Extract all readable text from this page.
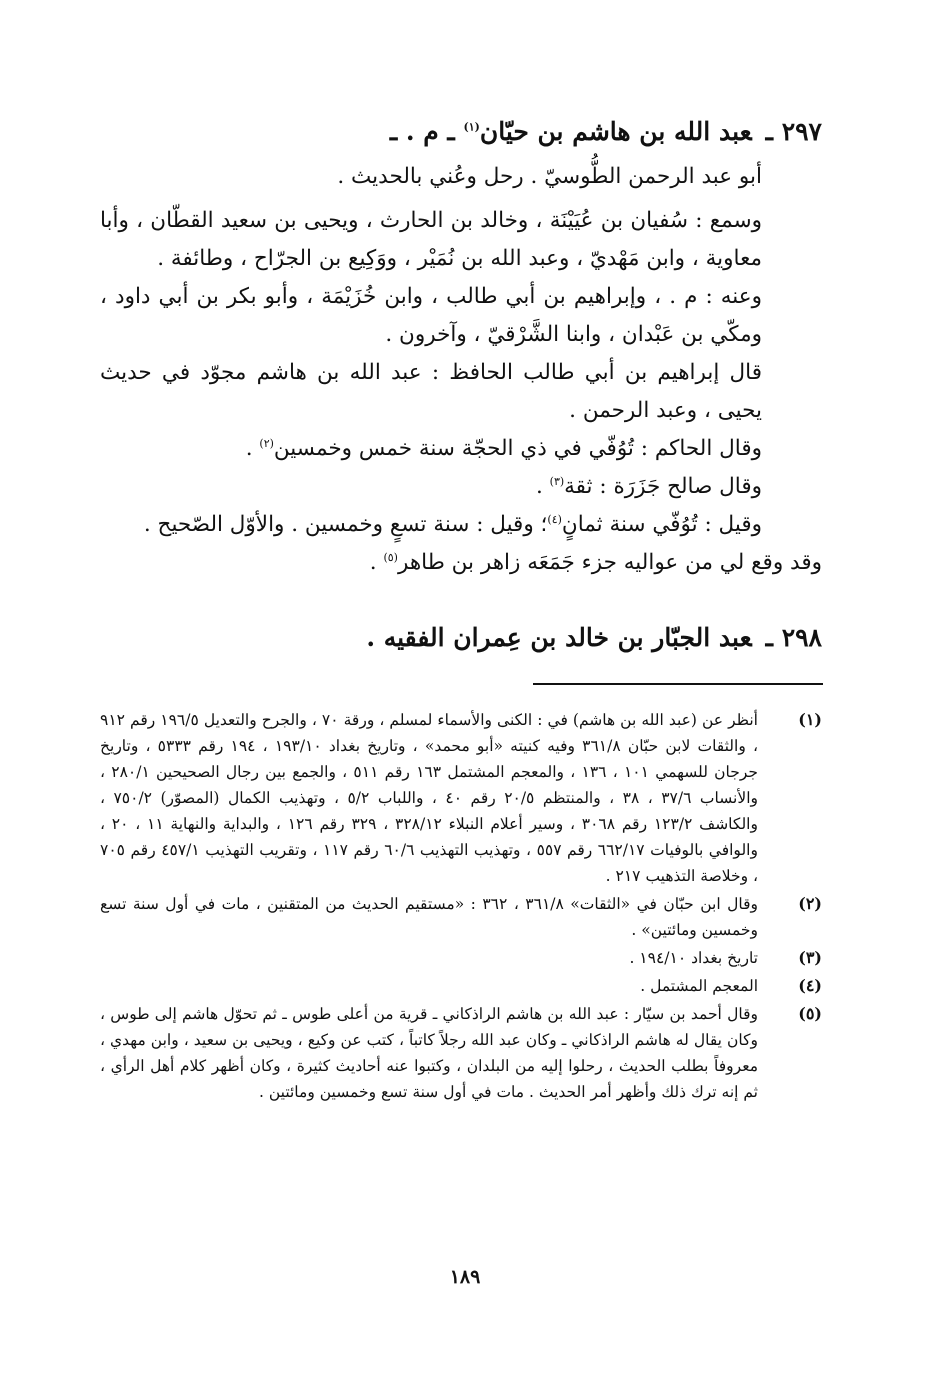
٢٩٧ ـعبد الله بن هاشم بن حيّان$^{(١)}$ ـ م . ـ

أبو عبد الرحمن الطُّوسيّ . رحل وعُني بالحديث .

وسمع : سُفيان بن عُيَيْنَة ، وخالد بن الحارث ، ويحيى بن سعيد القطّان ، وأبا معاوية ، وابن مَهْديّ ، وعبد الله بن نُمَيْر ، ووَكِيع بن الجرّاح ، وطائفة .

وعنه : م . ، وإبراهيم بن أبي طالب ، وابن خُزَيْمَة ، وأبو بكر بن أبي داود ، ومكّي بن عَبْدان ، وابنا الشَّرْقيّ ، وآخرون .

قال إبراهيم بن أبي طالب الحافظ : عبد الله بن هاشم مجوّد في حديث يحيى ، وعبد الرحمن .

وقال الحاكم : تُوُفّي في ذي الحجّة سنة خمس وخمسين$^{(٢)}$ .

وقال صالح جَزَرَة : ثقة$^{(٣)}$ .

وقيل : تُوُفّي سنة ثمانٍ$^{(٤)}$؛ وقيل : سنة تسعٍ وخمسين . والأوّل الصّحيح .

وقد وقع لي من عواليه جزء جَمَعَه زاهر بن طاهر$^{(٥)}$ .

٢٩٨ ـعبد الجبّار بن خالد بن عِمران الفقيه .
(١)
أنظر عن (عبد الله بن هاشم) في : الكنى والأسماء لمسلم ، ورقة ٧٠ ، والجرح والتعديل ١٩٦/٥ رقم ٩١٢ ، والثقات لابن حبّان ٣٦١/٨ وفيه كنيته «أبو محمد» ، وتاريخ بغداد ١٩٣/١٠ ، ١٩٤ رقم ٥٣٣٣ ، وتاريخ جرجان للسهمي ١٠١ ، ١٣٦ ، والمعجم المشتمل ١٦٣ رقم ٥١١ ، والجمع بين رجال الصحيحين ٢٨٠/١ ، والأنساب ٣٧/٦ ، ٣٨ ، والمنتظم ٢٠/٥ رقم ٤٠ ، واللباب ٥/٢ ، وتهذيب الكمال (المصوّر) ٧٥٠/٢ ، والكاشف ١٢٣/٢ رقم ٣٠٦٨ ، وسير أعلام النبلاء ٣٢٨/١٢ ، ٣٢٩ رقم ١٢٦ ، والبداية والنهاية ١١ ، ٢٠ ، والوافي بالوفيات ٦٦٢/١٧ رقم ٥٥٧ ، وتهذيب التهذيب ٦٠/٦ رقم ١١٧ ، وتقريب التهذيب ٤٥٧/١ رقم ٧٠٥ ، وخلاصة التذهيب ٢١٧ .
(٢)
وقال ابن حبّان في «الثقات» ٣٦١/٨ ، ٣٦٢ : «مستقيم الحديث من المتقنين ، مات في أول سنة تسع وخمسين ومائتين» .
(٣)
تاريخ بغداد ١٩٤/١٠ .
(٤)
المعجم المشتمل .
(٥)
وقال أحمد بن سيّار : عبد الله بن هاشم الراذكاني ـ قرية من أعلى طوس ـ ثم تحوّل هاشم إلى طوس ، وكان يقال له هاشم الراذكاني ـ وكان عبد الله رجلاً كاتباً ، كتب عن وكيع ، ويحيى بن سعيد ، وابن مهدي ، معروفاً بطلب الحديث ، رحلوا إليه من البلدان ، وكتبوا عنه أحاديث كثيرة ، وكان أظهر كلام أهل الرأي ، ثم إنه ترك ذلك وأظهر أمر الحديث . مات في أول سنة تسع وخمسين ومائتين .
١٨٩
